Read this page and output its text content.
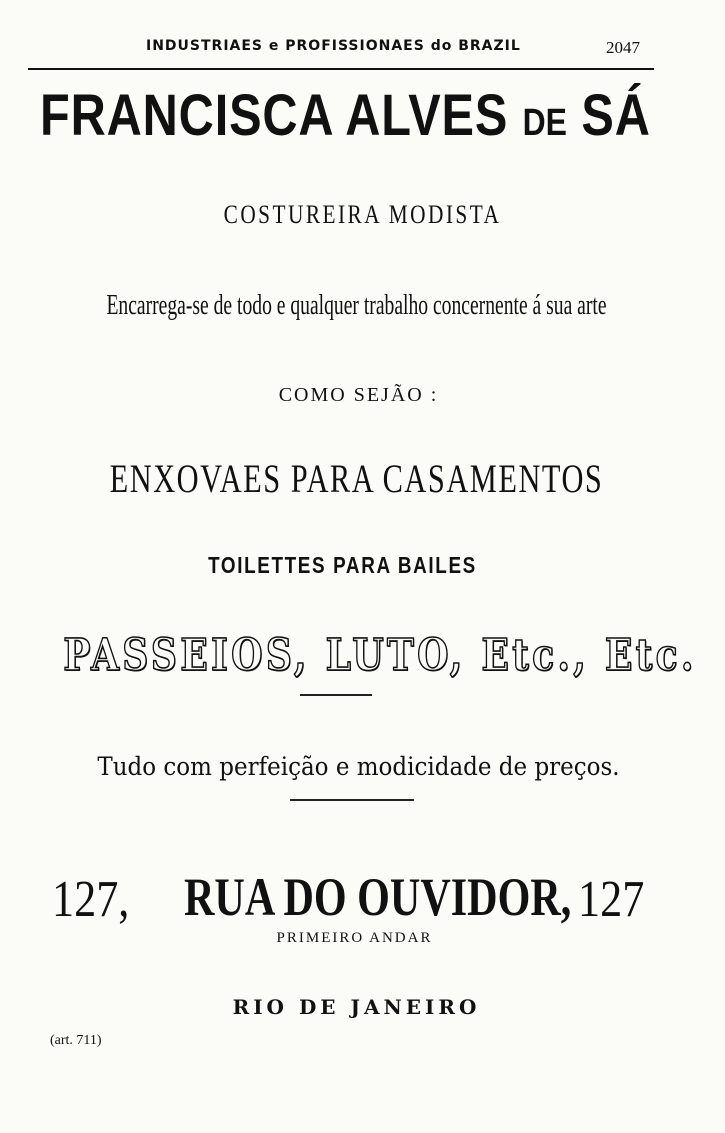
INDUSTRIAES e PROFISSIONAES do BRAZIL	2047
FRANCISCA ALVES DE SÁ
COSTUREIRA MODISTA
Encarrega-se de todo e qualquer trabalho concernente á sua arte
COMO SEJÃO :
ENXOVAES PARA CASAMENTOS
TOILETTES PARA BAILES
PASSEIOS, LUTO, Etc., Etc.
Tudo com perfeição e modicidade de preços.
127, RUA DO OUVIDOR, 127
PRIMEIRO ANDAR
RIO DE JANEIRO
(art. 711)
